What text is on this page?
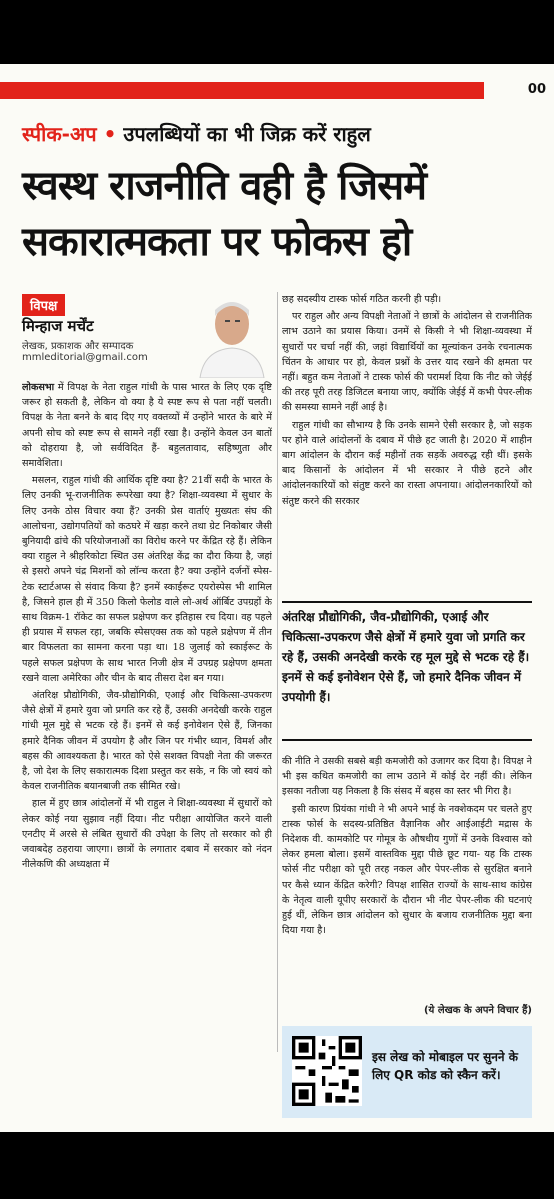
00
स्पीक-अप • उपलब्धियों का भी जिक्र करें राहुल
स्वस्थ राजनीति वही है जिसमें
सकारात्मकता पर फोकस हो
विपक्ष
मिन्हाज मर्चेंट
लेखक, प्रकाशक और सम्पादक
mmleditorial@gmail.com

लोकसभा में विपक्ष के नेता राहुल गांधी के पास भारत के लिए एक दृष्टि जरूर हो सकती है, लेकिन वो क्या है ये स्पष्ट रूप से पता नहीं चलती। विपक्ष के नेता बनने के बाद दिए गए वक्तव्यों में उन्होंने भारत के बारे में अपनी सोच को स्पष्ट रूप से सामने नहीं रखा है। उन्होंने केवल उन बातों को दोहराया है, जो सर्वविदित हैं- बहुलतावाद, सहिष्णुता और समावेशिता।

मसलन, राहुल गांधी की आर्थिक दृष्टि क्या है? 21वीं सदी के भारत के लिए उनकी भू-राजनीतिक रूपरेखा क्या है? शिक्षा-व्यवस्था में सुधार के लिए उनके ठोस विचार क्या हैं? उनकी प्रेस वार्ताएं मुख्यतः संघ की आलोचना, उद्योगपतियों को कठघरे में खड़ा करने तथा ग्रेट निकोबार जैसी बुनियादी ढांचे की परियोजनाओं का विरोध करने पर केंद्रित रहे हैं। लेकिन क्या राहुल ने श्रीहरिकोटा स्थित उस अंतरिक्ष केंद्र का दौरा किया है, जहां से इसरो अपने चंद्र मिशनों को लॉन्च करता है? क्या उन्होंने दर्जनों स्पेस-टेक स्टार्टअप्स से संवाद किया है? इनमें स्काईरूट एयरोस्पेस भी शामिल है, जिसने हाल ही में 350 किलो फेलोड वाले लो-अर्थ ऑर्बिट उपग्रहों के साथ विक्रम-1 रॉकेट का सफल प्रक्षेपण कर इतिहास रच दिया। वह पहले ही प्रयास में सफल रहा, जबकि स्पेसएक्स तक को पहले प्रक्षेपण में तीन बार विफलता का सामना करना पड़ा था। 18 जुलाई को स्काईरूट के पहले सफल प्रक्षेपण के साथ भारत निजी क्षेत्र में उपग्रह प्रक्षेपण क्षमता रखने वाला अमेरिका और चीन के बाद तीसरा देश बन गया।

अंतरिक्ष प्रौद्योगिकी, जैव-प्रौद्योगिकी, एआई और चिकित्सा-उपकरण जैसे क्षेत्रों में हमारे युवा जो प्रगति कर रहे हैं, उसकी अनदेखी करके राहुल गांधी मूल मुद्दे से भटक रहे हैं। इनमें से कई इनोवेशन ऐसे हैं, जिनका हमारे दैनिक जीवन में उपयोग है और जिन पर गंभीर ध्यान, विमर्श और बहस की आवश्यकता है। भारत को ऐसे सशक्त विपक्षी नेता की जरूरत है, जो देश के लिए सकारात्मक दिशा प्रस्तुत कर सके, न कि जो स्वयं को केवल राजनीतिक बयानबाजी तक सीमित रखे।

हाल में हुए छात्र आंदोलनों में भी राहुल ने शिक्षा-व्यवस्था में सुधारों को लेकर कोई नया सुझाव नहीं दिया। नीट परीक्षा आयोजित करने वाली एनटीए में अरसे से लंबित सुधारों की उपेक्षा के लिए तो सरकार को ही जवाबदेह ठहराया जाएगा। छात्रों के लगातार दबाव में सरकार को नंदन नीलेकणि की अध्यक्षता में

छह सदस्यीय टास्क फोर्स गठित करनी ही पड़ी।

पर राहुल और अन्य विपक्षी नेताओं ने छात्रों के आंदोलन से राजनीतिक लाभ उठाने का प्रयास किया। उनमें से किसी ने भी शिक्षा-व्यवस्था में सुधारों पर चर्चा नहीं की, जहां विद्यार्थियों का मूल्यांकन उनके रचनात्मक चिंतन के आधार पर हो, केवल प्रश्नों के उत्तर याद रखने की क्षमता पर नहीं। बहुत कम नेताओं ने टास्क फोर्स की परामर्श दिया कि नीट को जेईई की तरह पूरी तरह डिजिटल बनाया जाए, क्योंकि जेईई में कभी पेपर-लीक की समस्या सामने नहीं आई है।

राहुल गांधी का सौभाग्य है कि उनके सामने ऐसी सरकार है, जो सड़क पर होने वाले आंदोलनों के दबाव में पीछे हट जाती है। 2020 में शाहीन बाग आंदोलन के दौरान कई महीनों तक सड़कें अवरुद्ध रही थीं। इसके बाद किसानों के आंदोलन में भी सरकार ने पीछे हटने और आंदोलनकारियों को संतुष्ट करने का रास्ता अपनाया। आंदोलनकारियों को संतुष्ट करने की सरकार

अंतरिक्ष प्रौद्योगिकी, जैव-प्रौद्योगिकी, एआई और चिकित्सा-उपकरण जैसे क्षेत्रों में हमारे युवा जो प्रगति कर रहे हैं, उसकी अनदेखी करके रह मूल मुद्दे से भटक रहे हैं। इनमें से कई इनोवेशन ऐसे हैं, जो हमारे दैनिक जीवन में उपयोगी हैं।

की नीति ने उसकी सबसे बड़ी कमजोरी को उजागर कर दिया है। विपक्ष ने भी इस कथित कमजोरी का लाभ उठाने में कोई देर नहीं की। लेकिन इसका नतीजा यह निकला है कि संसद में बहस का स्तर भी गिरा है।

इसी कारण प्रियंका गांधी ने भी अपने भाई के नक्शेकदम पर चलते हुए टास्क फोर्स के सदस्य-प्रतिष्ठित वैज्ञानिक और आईआईटी मद्रास के निदेशक वी. कामकोटि पर गोमूत्र के औषधीय गुणों में उनके विश्वास को लेकर हमला बोला। इसमें वास्तविक मुद्दा पीछे छूट गया- यह कि टास्क फोर्स नीट परीक्षा को पूरी तरह नकल और पेपर-लीक से सुरक्षित बनाने पर कैसे ध्यान केंद्रित करेगी? विपक्ष शासित राज्यों के साथ-साथ कांग्रेस के नेतृत्व वाली यूपीए सरकारों के दौरान भी नीट पेपर-लीक की घटनाएं हुई थीं, लेकिन छात्र आंदोलन को सुधार के बजाय राजनीतिक मुद्दा बना दिया गया है।

(ये लेखक के अपने विचार हैं)
इस लेख को मोबाइल पर सुनने के लिए QR कोड को स्कैन करें।
